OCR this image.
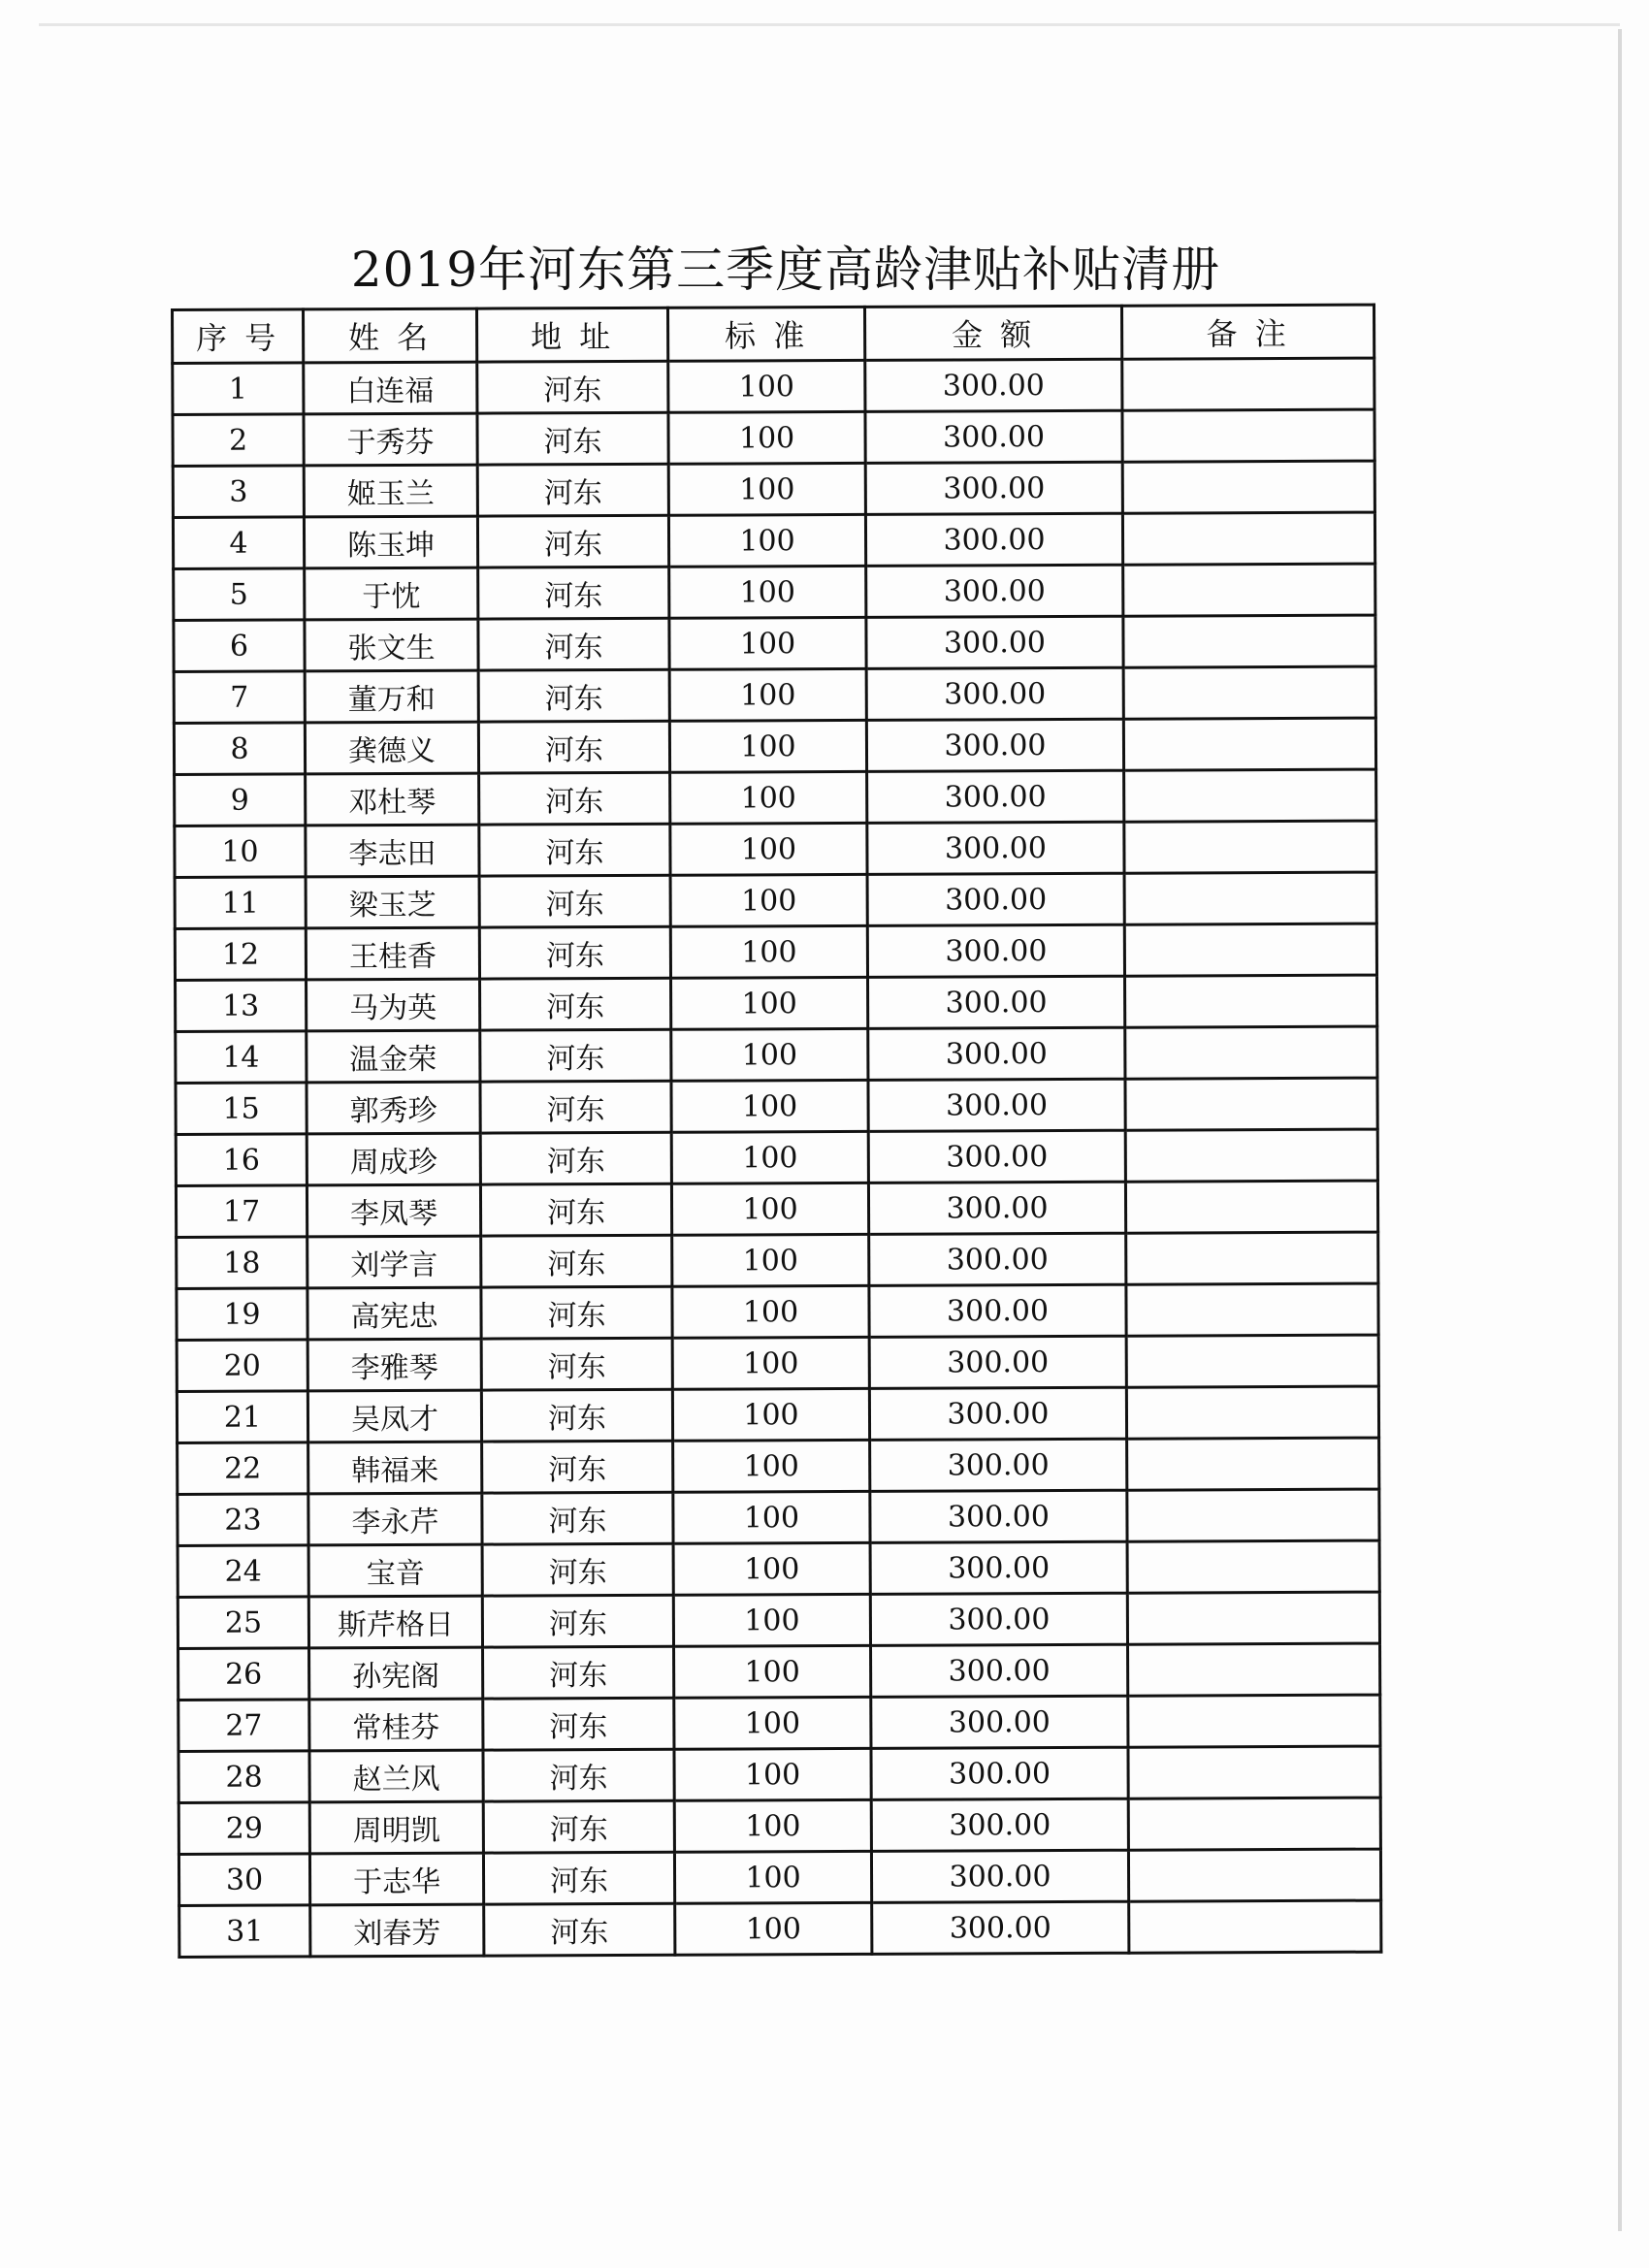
2019年河东第三季度高龄津贴补贴清册
序 号	姓 名	地 址	标 准	金 额	备 注
1	白连福	河东	100	300.00	
2	于秀芬	河东	100	300.00	
3	姬玉兰	河东	100	300.00	
4	陈玉坤	河东	100	300.00	
5	于忱	河东	100	300.00	
6	张文生	河东	100	300.00	
7	董万和	河东	100	300.00	
8	龚德义	河东	100	300.00	
9	邓杜琴	河东	100	300.00	
10	李志田	河东	100	300.00	
11	梁玉芝	河东	100	300.00	
12	王桂香	河东	100	300.00	
13	马为英	河东	100	300.00	
14	温金荣	河东	100	300.00	
15	郭秀珍	河东	100	300.00	
16	周成珍	河东	100	300.00	
17	李凤琴	河东	100	300.00	
18	刘学言	河东	100	300.00	
19	高宪忠	河东	100	300.00	
20	李雅琴	河东	100	300.00	
21	吴凤才	河东	100	300.00	
22	韩福来	河东	100	300.00	
23	李永芹	河东	100	300.00	
24	宝音	河东	100	300.00	
25	斯芹格日	河东	100	300.00	
26	孙宪阁	河东	100	300.00	
27	常桂芬	河东	100	300.00	
28	赵兰风	河东	100	300.00	
29	周明凯	河东	100	300.00	
30	于志华	河东	100	300.00	
31	刘春芳	河东	100	300.00	
